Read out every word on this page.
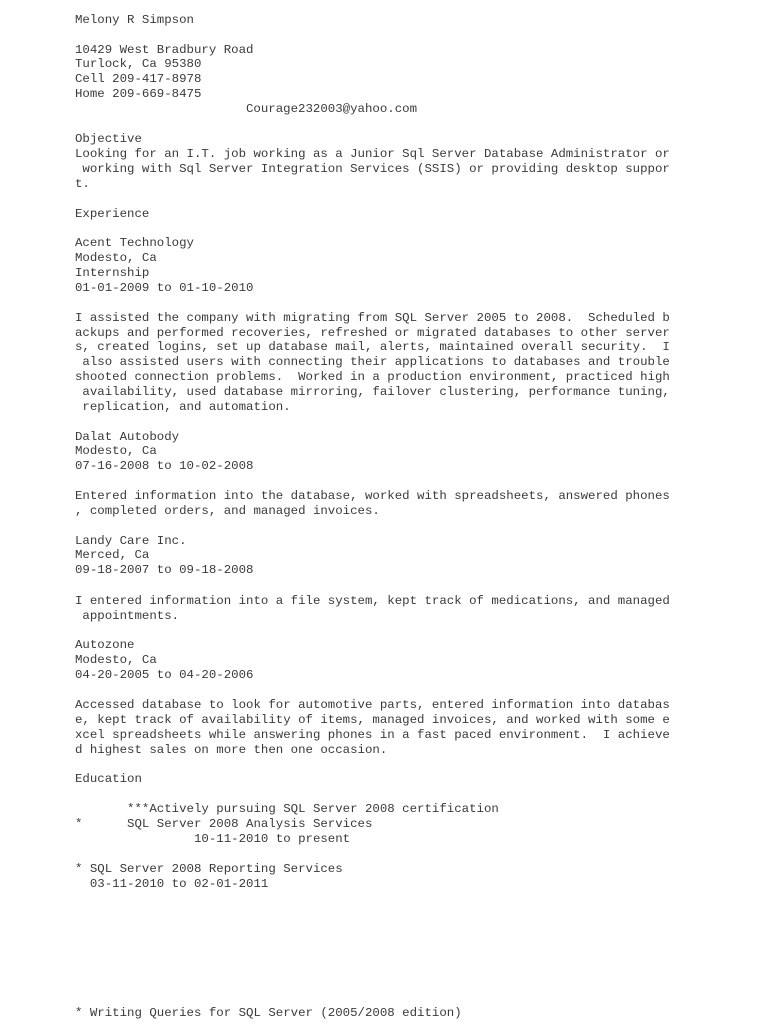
Melony R Simpson
10429 West Bradbury Road
Turlock, Ca 95380
Cell 209-417-8978
Home 209-669-8475
Courage232003@yahoo.com
Objective
Looking for an I.T. job working as a Junior Sql Server Database Administrator or
working with Sql Server Integration Services (SSIS) or providing desktop suppor
t.
Experience
Acent Technology
Modesto, Ca
Internship
01-01-2009 to 01-10-2010
I assisted the company with migrating from SQL Server 2005 to 2008.  Scheduled b
ackups and performed recoveries, refreshed or migrated databases to other server
s, created logins, set up database mail, alerts, maintained overall security.  I
also assisted users with connecting their applications to databases and trouble
shooted connection problems.  Worked in a production environment, practiced high
availability, used database mirroring, failover clustering, performance tuning,
replication, and automation.
Dalat Autobody
Modesto, Ca
07-16-2008 to 10-02-2008
Entered information into the database, worked with spreadsheets, answered phones
, completed orders, and managed invoices.
Landy Care Inc.
Merced, Ca
09-18-2007 to 09-18-2008
I entered information into a file system, kept track of medications, and managed
appointments.
Autozone
Modesto, Ca
04-20-2005 to 04-20-2006
Accessed database to look for automotive parts, entered information into databas
e, kept track of availability of items, managed invoices, and worked with some e
xcel spreadsheets while answering phones in a fast paced environment.  I achieve
d highest sales on more then one occasion.
Education
***Actively pursuing SQL Server 2008 certification
*      SQL Server 2008 Analysis Services
10-11-2010 to present
* SQL Server 2008 Reporting Services
03-11-2010 to 02-01-2011
* Writing Queries for SQL Server (2005/2008 edition)
